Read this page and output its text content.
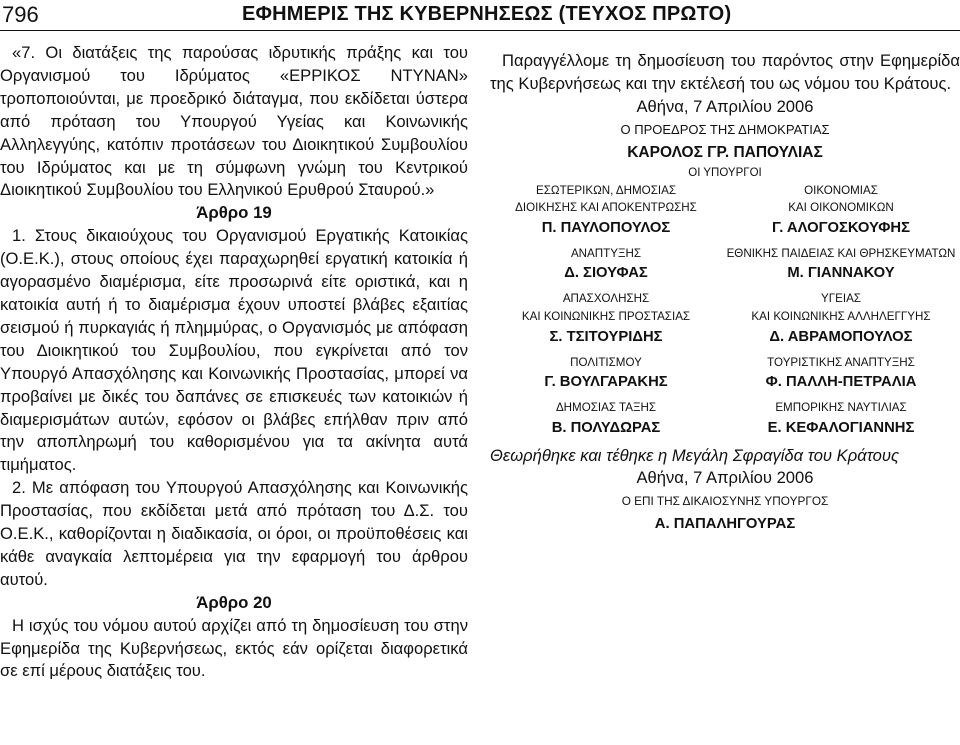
796	ΕΦΗΜΕΡΙΣ ΤΗΣ ΚΥΒΕΡΝΗΣΕΩΣ (ΤΕΥΧΟΣ ΠΡΩΤΟ)

«7. Οι διατάξεις της παρούσας ιδρυτικής πράξης και του Οργανισμού του Ιδρύματος «ΕΡΡΙΚΟΣ ΝΤΥΝΑΝ» τροποποιούνται, με προεδρικό διάταγμα, που εκδίδεται ύστερα από πρόταση του Υπουργού Υγείας και Κοινωνικής Αλληλεγγύης, κατόπιν προτάσεων του Διοικητικού Συμβουλίου του Ιδρύματος και με τη σύμφωνη γνώμη του Κεντρικού Διοικητικού Συμβουλίου του Ελληνικού Ερυθρού Σταυρού.»

Άρθρο 19

1. Στους δικαιούχους του Οργανισμού Εργατικής Κατοικίας (Ο.Ε.Κ.), στους οποίους έχει παραχωρηθεί εργατική κατοικία ή αγορασμένο διαμέρισμα, είτε προσωρινά είτε οριστικά, και η κατοικία αυτή ή το διαμέρισμα έχουν υποστεί βλάβες εξαιτίας σεισμού ή πυρκαγιάς ή πλημμύρας, ο Οργανισμός με απόφαση του Διοικητικού του Συμβουλίου, που εγκρίνεται από τον Υπουργό Απασχόλησης και Κοινωνικής Προστασίας, μπορεί να προβαίνει με δικές του δαπάνες σε επισκευές των κατοικιών ή διαμερισμάτων αυτών, εφόσον οι βλάβες επήλθαν πριν από την αποπληρωμή του καθορισμένου για τα ακίνητα αυτά τιμήματος.

2. Με απόφαση του Υπουργού Απασχόλησης και Κοινωνικής Προστασίας, που εκδίδεται μετά από πρόταση του Δ.Σ. του Ο.Ε.Κ., καθορίζονται η διαδικασία, οι όροι, οι προϋποθέσεις και κάθε αναγκαία λεπτομέρεια για την εφαρμογή του άρθρου αυτού.

Άρθρο 20

Η ισχύς του νόμου αυτού αρχίζει από τη δημοσίευση του στην Εφημερίδα της Κυβερνήσεως, εκτός εάν ορίζεται διαφορετικά σε επί μέρους διατάξεις του.

Παραγγέλλομε τη δημοσίευση του παρόντος στην Εφημερίδα της Κυβερνήσεως και την εκτέλεσή του ως νόμου του Κράτους.

Αθήνα, 7 Απριλίου 2006

Ο ΠΡΟΕΔΡΟΣ ΤΗΣ ΔΗΜΟΚΡΑΤΙΑΣ

ΚΑΡΟΛΟΣ ΓΡ. ΠΑΠΟΥΛΙΑΣ

ΟΙ ΥΠΟΥΡΓΟΙ

ΕΣΩΤΕΡΙΚΩΝ, ΔΗΜΟΣΙΑΣ
ΔΙΟΙΚΗΣΗΣ ΚΑΙ ΑΠΟΚΕΝΤΡΩΣΗΣ
Π. ΠΑΥΛΟΠΟΥΛΟΣ
ΟΙΚΟΝΟΜΙΑΣ
ΚΑΙ ΟΙΚΟΝΟΜΙΚΩΝ
Γ. ΑΛΟΓΟΣΚΟΥΦΗΣ
ΑΝΑΠΤΥΞΗΣ
Δ. ΣΙΟΥΦΑΣ
ΕΘΝΙΚΗΣ ΠΑΙΔΕΙΑΣ ΚΑΙ ΘΡΗΣΚΕΥΜΑΤΩΝ
Μ. ΓΙΑΝΝΑΚΟΥ
ΑΠΑΣΧΟΛΗΣΗΣ
ΚΑΙ ΚΟΙΝΩΝΙΚΗΣ ΠΡΟΣΤΑΣΙΑΣ
Σ. ΤΣΙΤΟΥΡΙΔΗΣ
ΥΓΕΙΑΣ
ΚΑΙ ΚΟΙΝΩΝΙΚΗΣ ΑΛΛΗΛΕΓΓΥΗΣ
Δ. ΑΒΡΑΜΟΠΟΥΛΟΣ
ΠΟΛΙΤΙΣΜΟΥ
Γ. ΒΟΥΛΓΑΡΑΚΗΣ
ΤΟΥΡΙΣΤΙΚΗΣ ΑΝΑΠΤΥΞΗΣ
Φ. ΠΑΛΛΗ-ΠΕΤΡΑΛΙΑ
ΔΗΜΟΣΙΑΣ ΤΑΞΗΣ
Β. ΠΟΛΥΔΩΡΑΣ
ΕΜΠΟΡΙΚΗΣ ΝΑΥΤΙΛΙΑΣ
Ε. ΚΕΦΑΛΟΓΙΑΝΝΗΣ

Θεωρήθηκε και τέθηκε η Μεγάλη Σφραγίδα του Κράτους

Αθήνα, 7 Απριλίου 2006

Ο ΕΠΙ ΤΗΣ ΔΙΚΑΙΟΣΥΝΗΣ ΥΠΟΥΡΓΟΣ

Α. ΠΑΠΑΛΗΓΟΥΡΑΣ
